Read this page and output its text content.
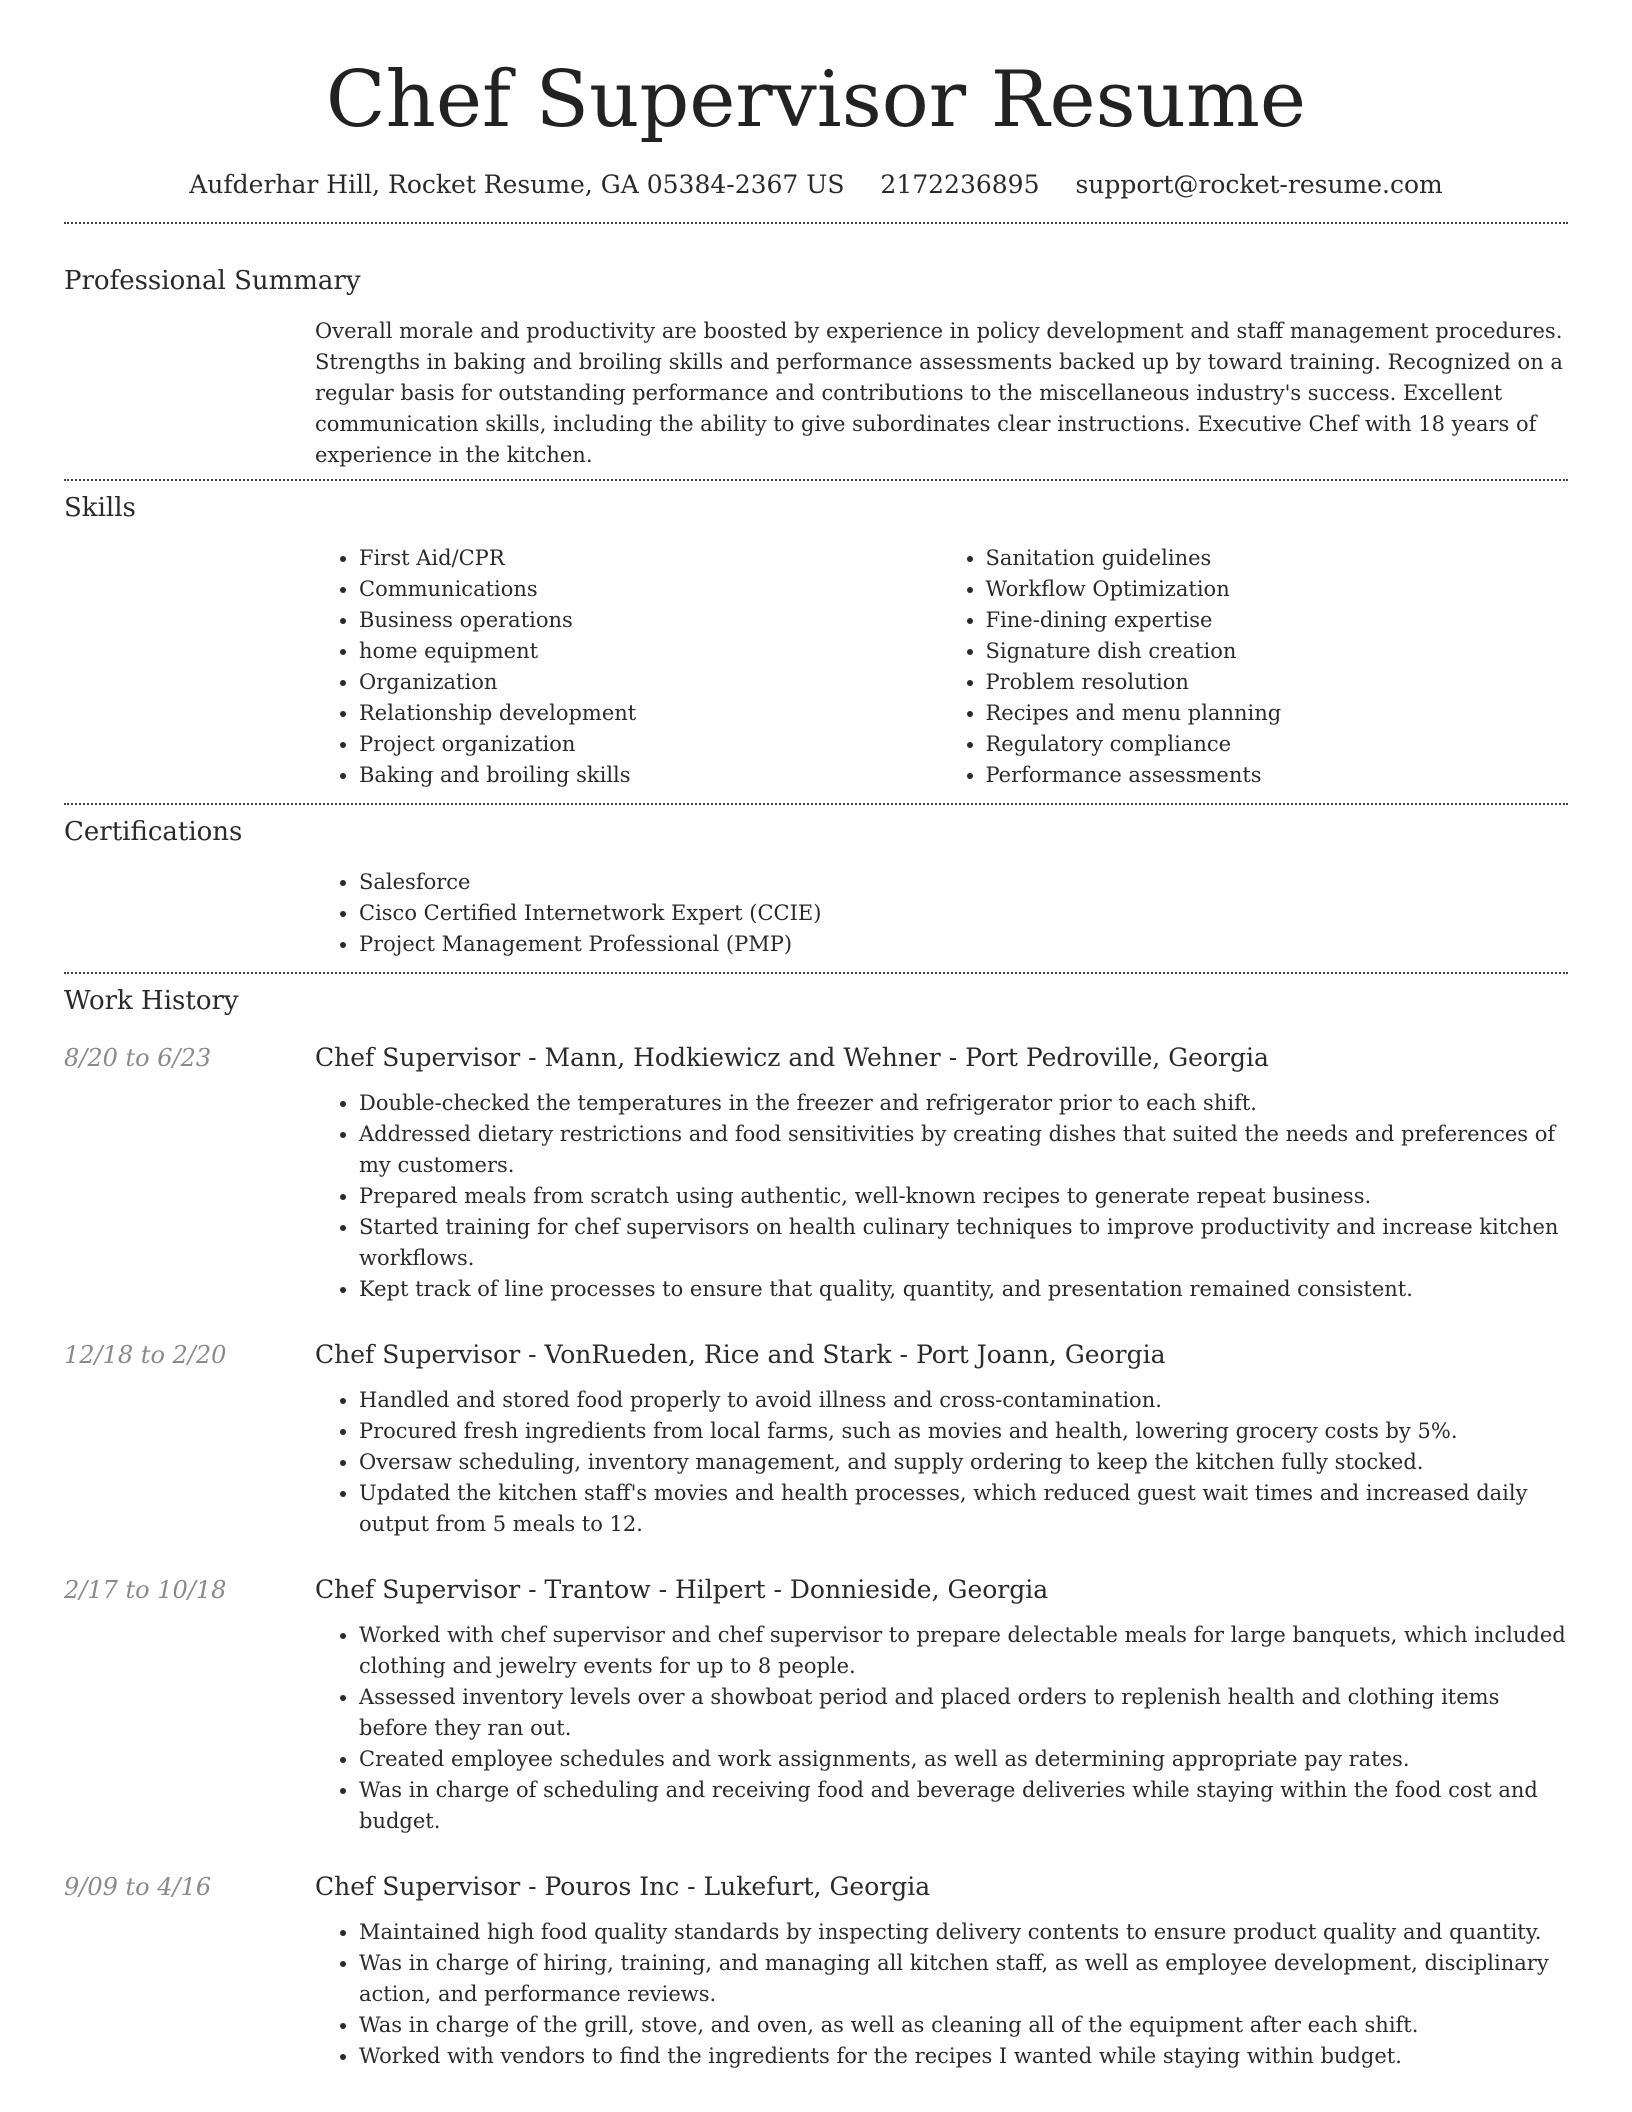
Chef Supervisor Resume
Aufderhar Hill, Rocket Resume, GA 05384-2367 US 2172236895 support@rocket-resume.com
Professional Summary

Overall morale and productivity are boosted by experience in policy development and staff management procedures. Strengths in baking and broiling skills and performance assessments backed up by toward training. Recognized on a regular basis for outstanding performance and contributions to the miscellaneous industry's success. Excellent communication skills, including the ability to give subordinates clear instructions. Executive Chef with 18 years of experience in the kitchen.

Skills
• First Aid/CPR
• Communications
• Business operations
• home equipment
• Organization
• Relationship development
• Project organization
• Baking and broiling skills
• Sanitation guidelines
• Workflow Optimization
• Fine-dining expertise
• Signature dish creation
• Problem resolution
• Recipes and menu planning
• Regulatory compliance
• Performance assessments
Certifications
• Salesforce
• Cisco Certified Internetwork Expert (CCIE)
• Project Management Professional (PMP)
Work History
8/20 to 6/23	Chef Supervisor - Mann, Hodkiewicz and Wehner - Port Pedroville, Georgia
• Double-checked the temperatures in the freezer and refrigerator prior to each shift.
• Addressed dietary restrictions and food sensitivities by creating dishes that suited the needs and preferences of my customers.
• Prepared meals from scratch using authentic, well-known recipes to generate repeat business.
• Started training for chef supervisors on health culinary techniques to improve productivity and increase kitchen workflows.
• Kept track of line processes to ensure that quality, quantity, and presentation remained consistent.
12/18 to 2/20	Chef Supervisor - VonRueden, Rice and Stark - Port Joann, Georgia
• Handled and stored food properly to avoid illness and cross-contamination.
• Procured fresh ingredients from local farms, such as movies and health, lowering grocery costs by 5%.
• Oversaw scheduling, inventory management, and supply ordering to keep the kitchen fully stocked.
• Updated the kitchen staff's movies and health processes, which reduced guest wait times and increased daily output from 5 meals to 12.
2/17 to 10/18	Chef Supervisor - Trantow - Hilpert - Donnieside, Georgia
• Worked with chef supervisor and chef supervisor to prepare delectable meals for large banquets, which included clothing and jewelry events for up to 8 people.
• Assessed inventory levels over a showboat period and placed orders to replenish health and clothing items before they ran out.
• Created employee schedules and work assignments, as well as determining appropriate pay rates.
• Was in charge of scheduling and receiving food and beverage deliveries while staying within the food cost and budget.
9/09 to 4/16	Chef Supervisor - Pouros Inc - Lukefurt, Georgia
• Maintained high food quality standards by inspecting delivery contents to ensure product quality and quantity.
• Was in charge of hiring, training, and managing all kitchen staff, as well as employee development, disciplinary action, and performance reviews.
• Was in charge of the grill, stove, and oven, as well as cleaning all of the equipment after each shift.
• Worked with vendors to find the ingredients for the recipes I wanted while staying within budget.
